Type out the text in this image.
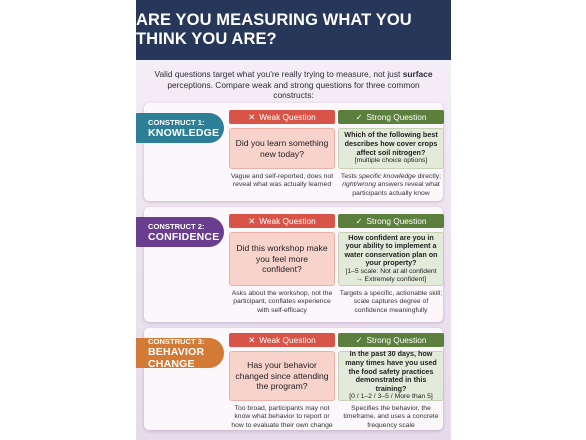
ARE YOU MEASURING WHAT YOU THINK YOU ARE?

Valid questions target what you're really trying to measure, not just surface perceptions. Compare weak and strong questions for three common constructs:

CONSTRUCT 1:
KNOWLEDGE
✕ Weak Question
Did you learn something new today?

Vague and self-reported, does not reveal what was actually learned

✓ Strong Question
Which of the following best describes how cover crops affect soil nitrogen?
[multiple choice options]

Tests specific knowledge directly; right/wrong answers reveal what participants actually know

CONSTRUCT 2:
CONFIDENCE
✕ Weak Question
Did this workshop make you feel more confident?

Asks about the workshop, not the participant, conflates experience with self-efficacy

✓ Strong Question
How confident are you in your ability to implement a water conservation plan on your property?
[1–5 scale: Not at all confident → Extremely confident]

Targets a specific, actionable skill; scale captures degree of confidence meaningfully

CONSTRUCT 3:
BEHAVIOR CHANGE
✕ Weak Question
Has your behavior changed since attending the program?

Too broad, participants may not know what behavior to report or how to evaluate their own change

✓ Strong Question
In the past 30 days, how many times have you used the food safety practices demonstrated in this training?
[0 / 1–2 / 3–5 / More than 5]

Specifies the behavior, the timeframe, and uses a concrete frequency scale
